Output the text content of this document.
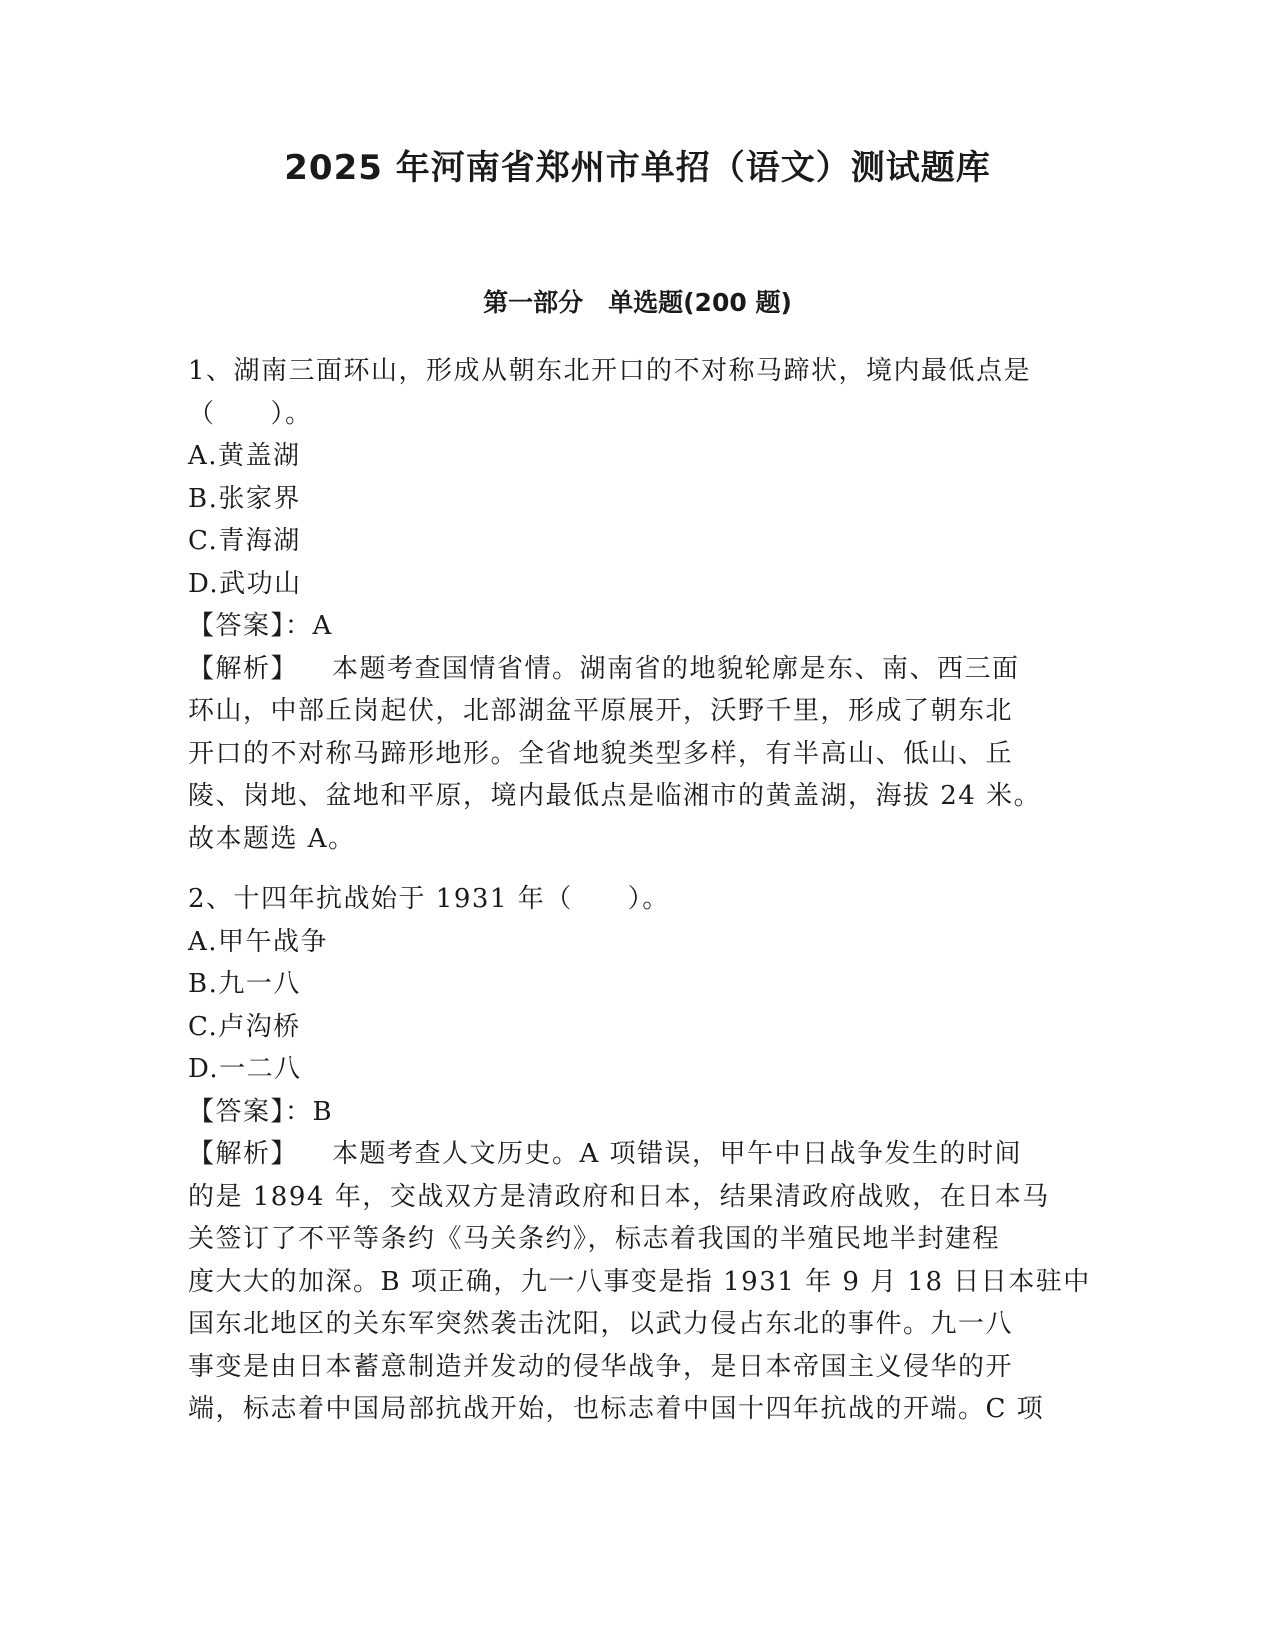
2025 年河南省郑州市单招（语文）测试题库
第一部分　单选题(200 题)
1、湖南三面环山，形成从朝东北开口的不对称马蹄状，境内最低点是
（　　）。
A.黄盖湖
B.张家界
C.青海湖
D.武功山
【答案】：A
【解析】 本题考查国情省情。湖南省的地貌轮廓是东、南、西三面
环山，中部丘岗起伏，北部湖盆平原展开，沃野千里，形成了朝东北
开口的不对称马蹄形地形。全省地貌类型多样，有半高山、低山、丘
陵、岗地、盆地和平原，境内最低点是临湘市的黄盖湖，海拔 24 米。
故本题选 A。
2、十四年抗战始于 1931 年（　　）。
A.甲午战争
B.九一八
C.卢沟桥
D.一二八
【答案】：B
【解析】 本题考查人文历史。A 项错误，甲午中日战争发生的时间
的是 1894 年，交战双方是清政府和日本，结果清政府战败，在日本马
关签订了不平等条约《马关条约》，标志着我国的半殖民地半封建程
度大大的加深。B 项正确，九一八事变是指 1931 年 9 月 18 日日本驻中
国东北地区的关东军突然袭击沈阳，以武力侵占东北的事件。九一八
事变是由日本蓄意制造并发动的侵华战争，是日本帝国主义侵华的开
端，标志着中国局部抗战开始，也标志着中国十四年抗战的开端。C 项
